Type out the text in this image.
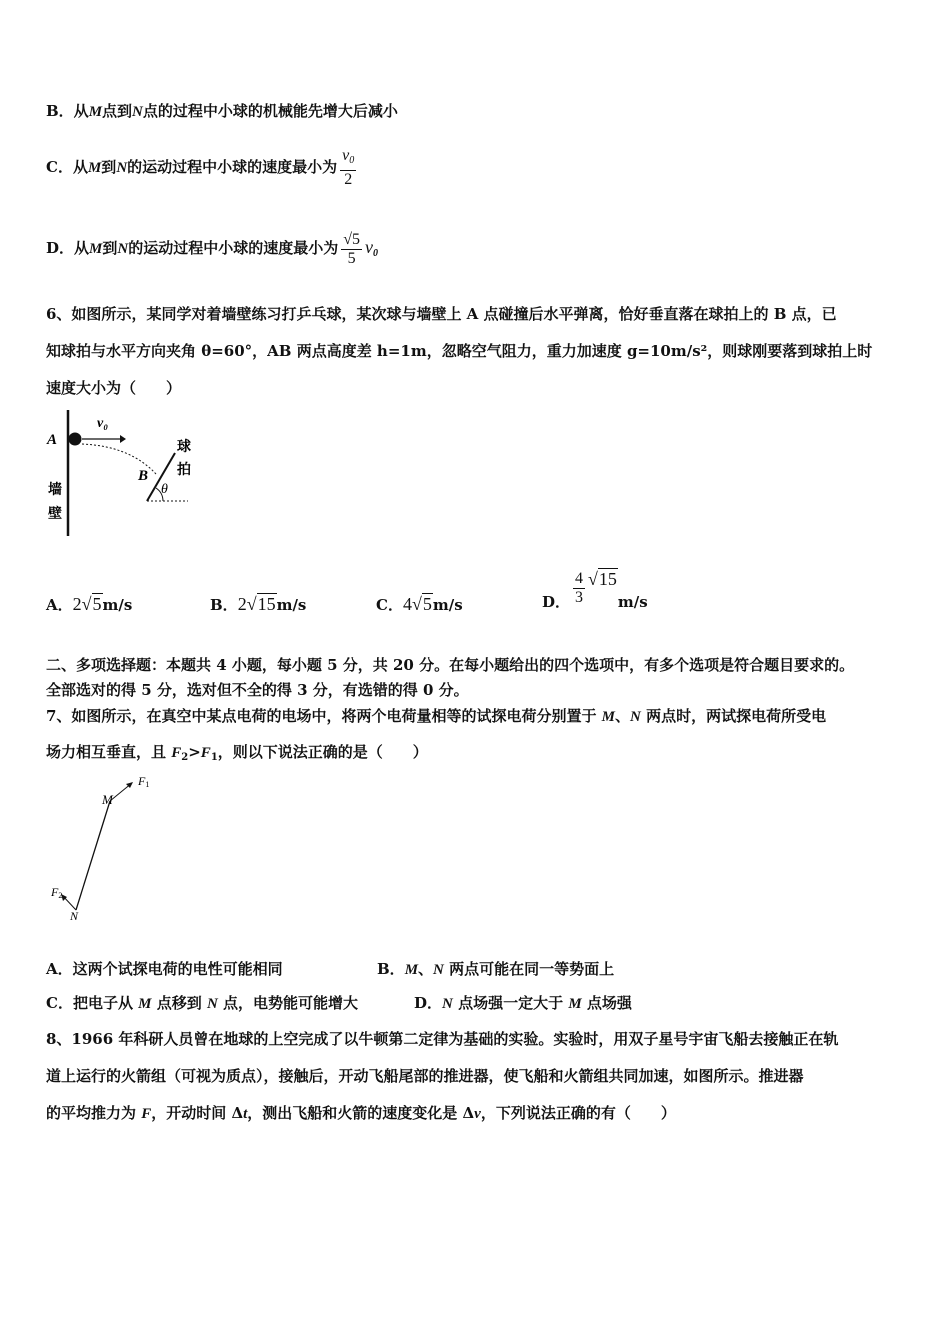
B．从M点到N点的过程中小球的机械能先增大后减小
C．从M到N的运动过程中小球的速度最小为 $\frac{v_0}{2}$
D．从M到N的运动过程中小球的速度最小为 $\frac{√5}{5} v_0$
6、如图所示，某同学对着墙壁练习打乒乓球，某次球与墙壁上 A 点碰撞后水平弹离，恰好垂直落在球拍上的 B 点，已
知球拍与水平方向夹角 θ=60°，AB 两点高度差 h=1m，忽略空气阻力，重力加速度 g=10m/s²，则球刚要落到球拍上时
速度大小为（　　）
A
v₀
B
θ
墙
壁
球
拍
A．2√5m/s	B．2√15m/s	C．4√5m/s	D． $\frac{4}{3} √15m/s$
二、多项选择题：本题共 4 小题，每小题 5 分，共 20 分。在每小题给出的四个选项中，有多个选项是符合题目要求的。
全部选对的得 5 分，选对但不全的得 3 分，有选错的得 0 分。
7、如图所示，在真空中某点电荷的电场中，将两个电荷量相等的试探电荷分别置于 M、N 两点时，两试探电荷所受电
场力相互垂直，且 $F_2>F_1$，则以下说法正确的是（　　）
F1
M
F2
N
A．这两个试探电荷的电性可能相同	B．M、N 两点可能在同一等势面上
C．把电子从 M 点移到 N 点，电势能可能增大	D．N 点场强一定大于 M 点场强
8、1966 年科研人员曾在地球的上空完成了以牛顿第二定律为基础的实验。实验时，用双子星号宇宙飞船去接触正在轨
道上运行的火箭组（可视为质点），接触后，开动飞船尾部的推进器，使飞船和火箭组共同加速，如图所示。推进器
的平均推力为 F，开动时间 Δt，测出飞船和火箭的速度变化是 Δv，下列说法正确的有（　　）
